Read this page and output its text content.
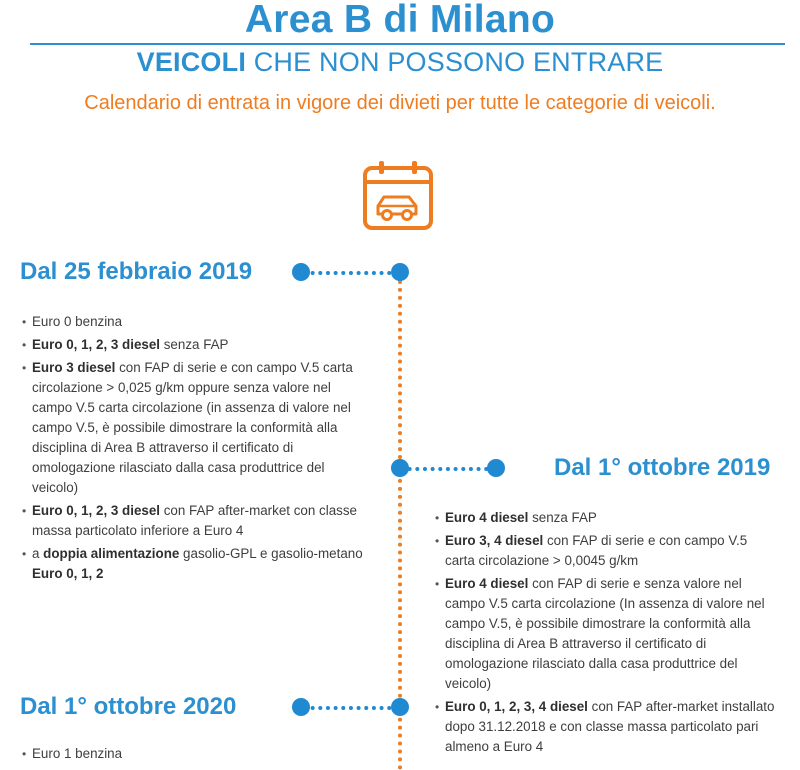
Area B di Milano
VEICOLI CHE NON POSSONO ENTRARE
Calendario di entrata in vigore dei divieti per tutte le categorie di veicoli.
Dal 25 febbraio 2019
• Euro 0 benzina
• Euro 0, 1, 2, 3 diesel senza FAP
• Euro 3 diesel con FAP di serie e con campo V.5 carta circolazione > 0,025 g/km oppure senza valore nel campo V.5 carta circolazione (in assenza di valore nel campo V.5, è possibile dimostrare la conformità alla disciplina di Area B attraverso il certificato di omologazione rilasciato dalla casa produttrice del veicolo)
• Euro 0, 1, 2, 3 diesel con FAP after-market con classe massa particolato inferiore a Euro 4
• a doppia alimentazione gasolio-GPL e gasolio-metano Euro 0, 1, 2
Dal 1° ottobre 2019
• Euro 4 diesel senza FAP
• Euro 3, 4 diesel con FAP di serie e con campo V.5 carta circolazione > 0,0045 g/km
• Euro 4 diesel con FAP di serie e senza valore nel campo V.5 carta circolazione (In assenza di valore nel campo V.5, è possibile dimostrare la conformità alla disciplina di Area B attraverso il certificato di omologazione rilasciato dalla casa produttrice del veicolo)
• Euro 0, 1, 2, 3, 4 diesel con FAP after-market installato dopo 31.12.2018 e con classe massa particolato pari almeno a Euro 4
Dal 1° ottobre 2020
• Euro 1 benzina
